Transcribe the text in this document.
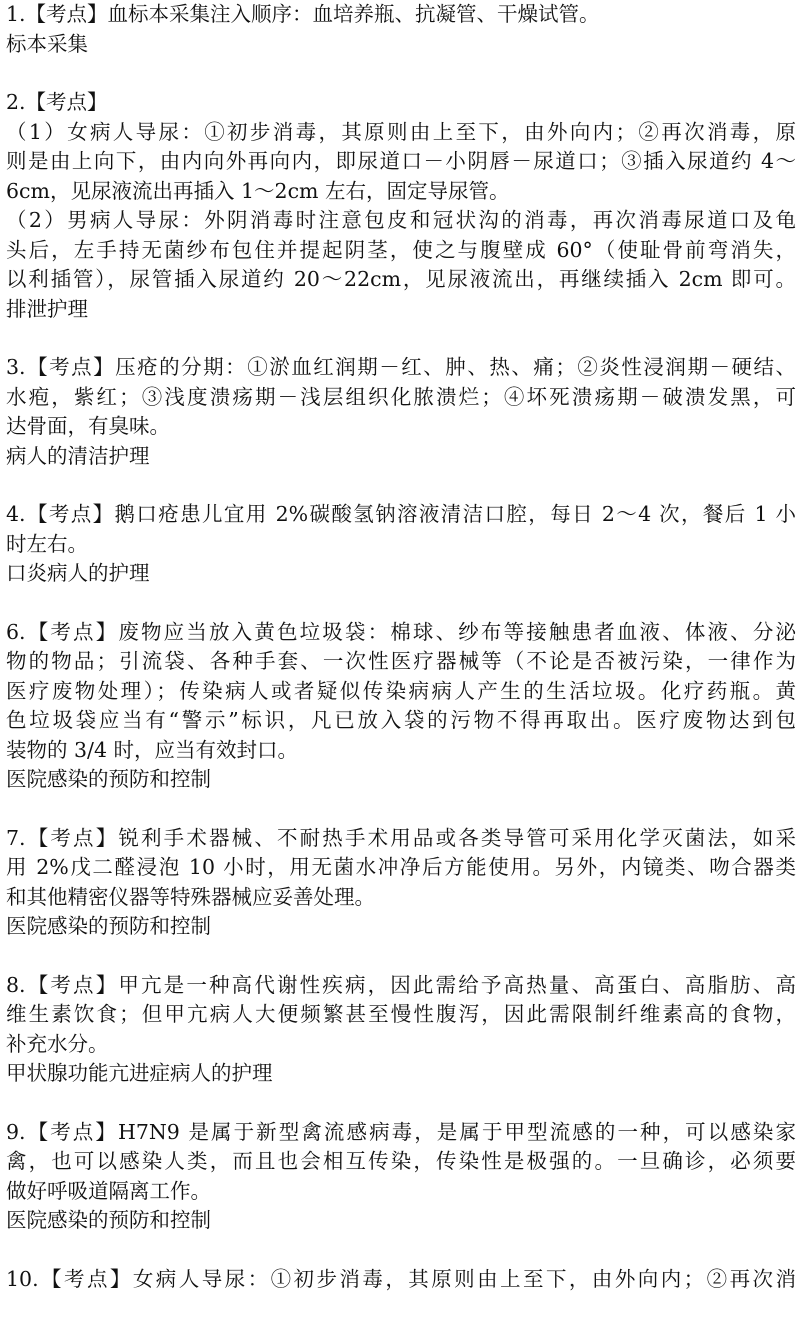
1.【考点】血标本采集注入顺序：血培养瓶、抗凝管、干燥试管。
标本采集
2.【考点】
（1）女病人导尿：①初步消毒，其原则由上至下，由外向内；②再次消毒，原
则是由上向下，由内向外再向内，即尿道口－小阴唇－尿道口；③插入尿道约 4～
6cm，见尿液流出再插入 1～2cm 左右，固定导尿管。
（2）男病人导尿：外阴消毒时注意包皮和冠状沟的消毒，再次消毒尿道口及龟
头后，左手持无菌纱布包住并提起阴茎，使之与腹壁成 60°（使耻骨前弯消失，
以利插管），尿管插入尿道约 20～22cm，见尿液流出，再继续插入 2cm 即可。
排泄护理
3.【考点】压疮的分期：①淤血红润期－红、肿、热、痛；②炎性浸润期－硬结、
水疱，紫红；③浅度溃疡期－浅层组织化脓溃烂；④坏死溃疡期－破溃发黑，可
达骨面，有臭味。
病人的清洁护理
4.【考点】鹅口疮患儿宜用 2%碳酸氢钠溶液清洁口腔，每日 2～4 次，餐后 1 小
时左右。
口炎病人的护理
6.【考点】废物应当放入黄色垃圾袋：棉球、纱布等接触患者血液、体液、分泌
物的物品；引流袋、各种手套、一次性医疗器械等（不论是否被污染，一律作为
医疗废物处理）；传染病人或者疑似传染病病人产生的生活垃圾。化疗药瓶。黄
色垃圾袋应当有“警示”标识，凡已放入袋的污物不得再取出。医疗废物达到包
装物的 3/4 时，应当有效封口。
医院感染的预防和控制
7.【考点】锐利手术器械、不耐热手术用品或各类导管可采用化学灭菌法，如采
用 2%戊二醛浸泡 10 小时，用无菌水冲净后方能使用。另外，内镜类、吻合器类
和其他精密仪器等特殊器械应妥善处理。
医院感染的预防和控制
8.【考点】甲亢是一种高代谢性疾病，因此需给予高热量、高蛋白、高脂肪、高
维生素饮食；但甲亢病人大便频繁甚至慢性腹泻，因此需限制纤维素高的食物，
补充水分。
甲状腺功能亢进症病人的护理
9.【考点】H7N9 是属于新型禽流感病毒，是属于甲型流感的一种，可以感染家
禽，也可以感染人类，而且也会相互传染，传染性是极强的。一旦确诊，必须要
做好呼吸道隔离工作。
医院感染的预防和控制
10.【考点】女病人导尿：①初步消毒，其原则由上至下，由外向内；②再次消
